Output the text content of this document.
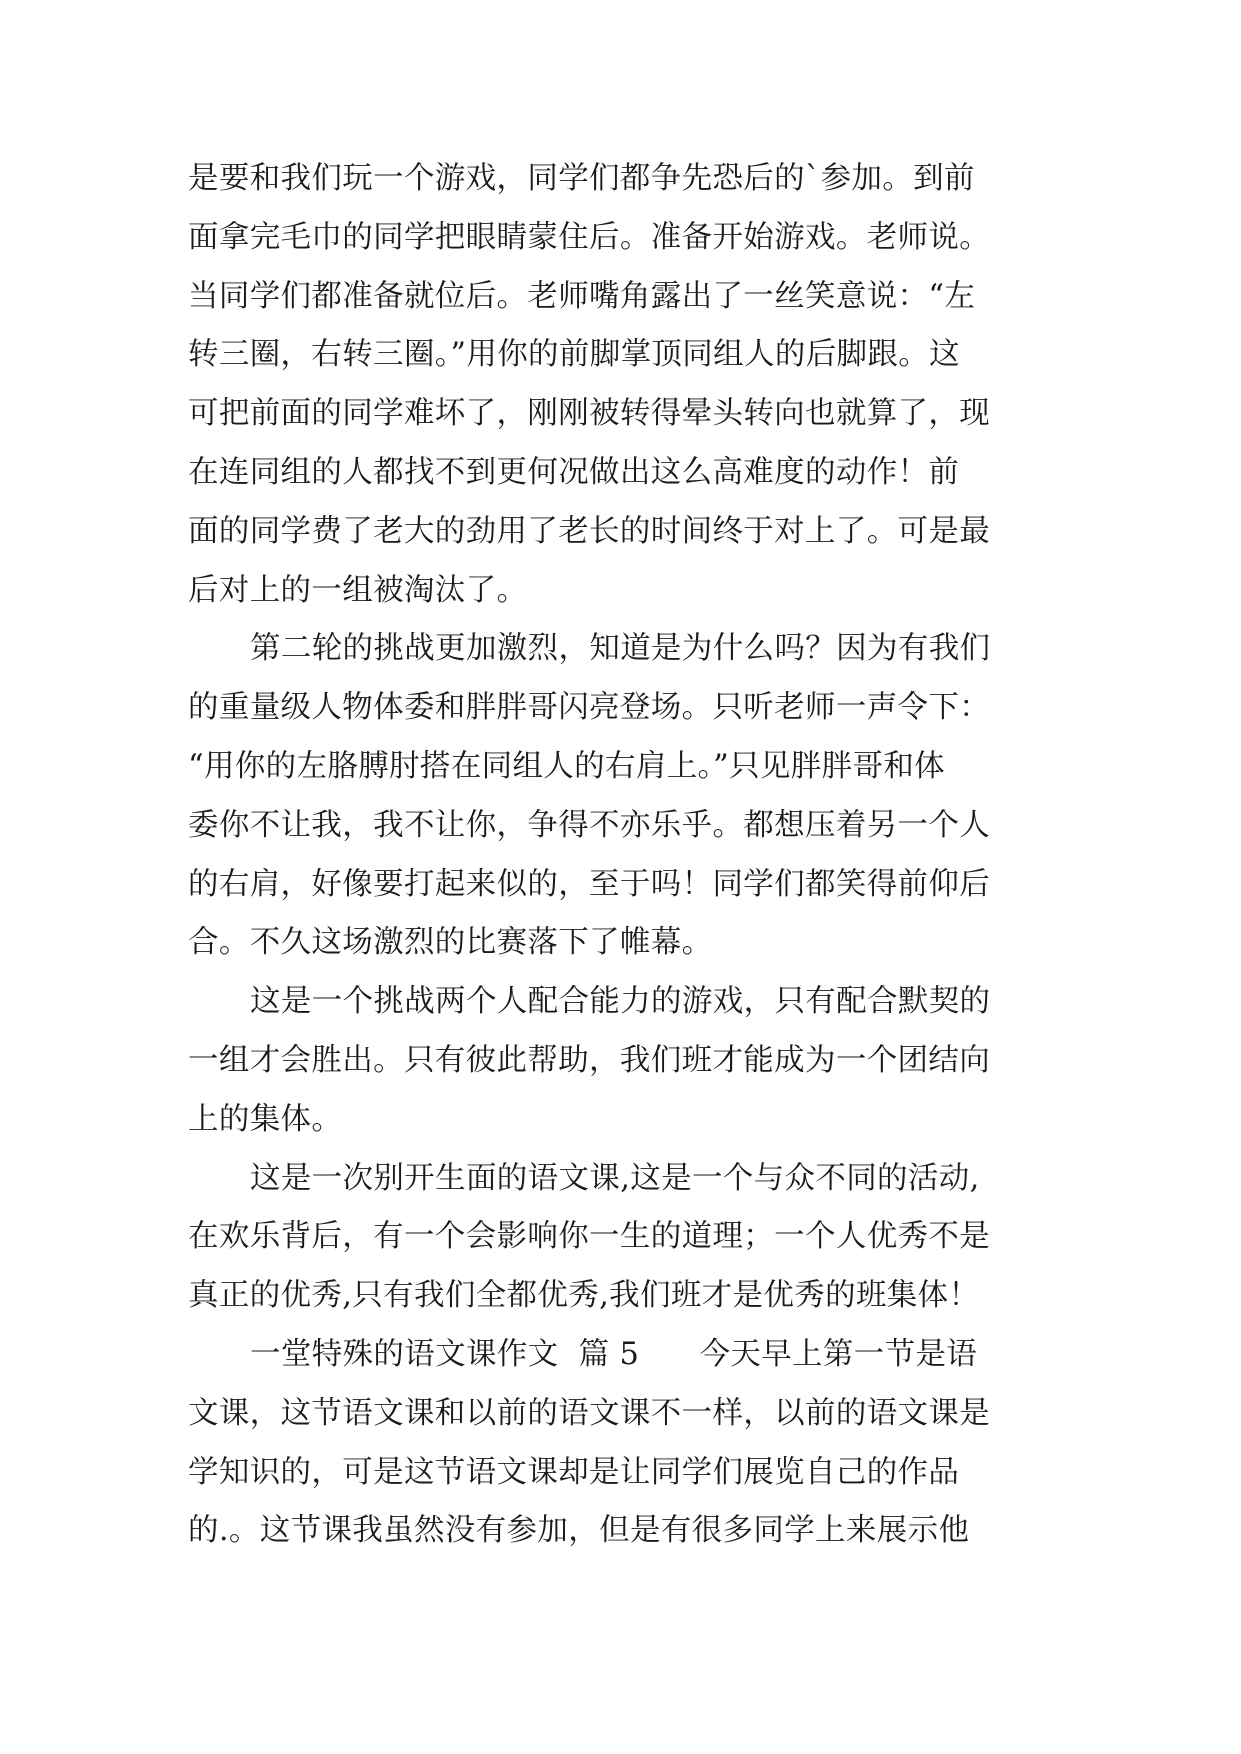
是要和我们玩一个游戏，同学们都争先恐后的`参加。到前
面拿完毛巾的同学把眼睛蒙住后。准备开始游戏。老师说。
当同学们都准备就位后。老师嘴角露出了一丝笑意说：“左
转三圈，右转三圈。”用你的前脚掌顶同组人的后脚跟。这
可把前面的同学难坏了，刚刚被转得晕头转向也就算了，现
在连同组的人都找不到更何况做出这么高难度的动作！前
面的同学费了老大的劲用了老长的时间终于对上了。可是最
后对上的一组被淘汰了。
第二轮的挑战更加激烈，知道是为什么吗？因为有我们
的重量级人物体委和胖胖哥闪亮登场。只听老师一声令下：
“用你的左胳膊肘搭在同组人的右肩上。”只见胖胖哥和体
委你不让我，我不让你，争得不亦乐乎。都想压着另一个人
的右肩，好像要打起来似的，至于吗！同学们都笑得前仰后
合。不久这场激烈的比赛落下了帷幕。
这是一个挑战两个人配合能力的游戏，只有配合默契的
一组才会胜出。只有彼此帮助，我们班才能成为一个团结向
上的集体。
这是一次别开生面的语文课,这是一个与众不同的活动,
在欢乐背后，有一个会影响你一生的道理；一个人优秀不是
真正的优秀,只有我们全都优秀,我们班才是优秀的班集体！
一堂特殊的语文课作文  篇 5      今天早上第一节是语
文课，这节语文课和以前的语文课不一样，以前的语文课是
学知识的，可是这节语文课却是让同学们展览自己的作品
的.。这节课我虽然没有参加，但是有很多同学上来展示他
